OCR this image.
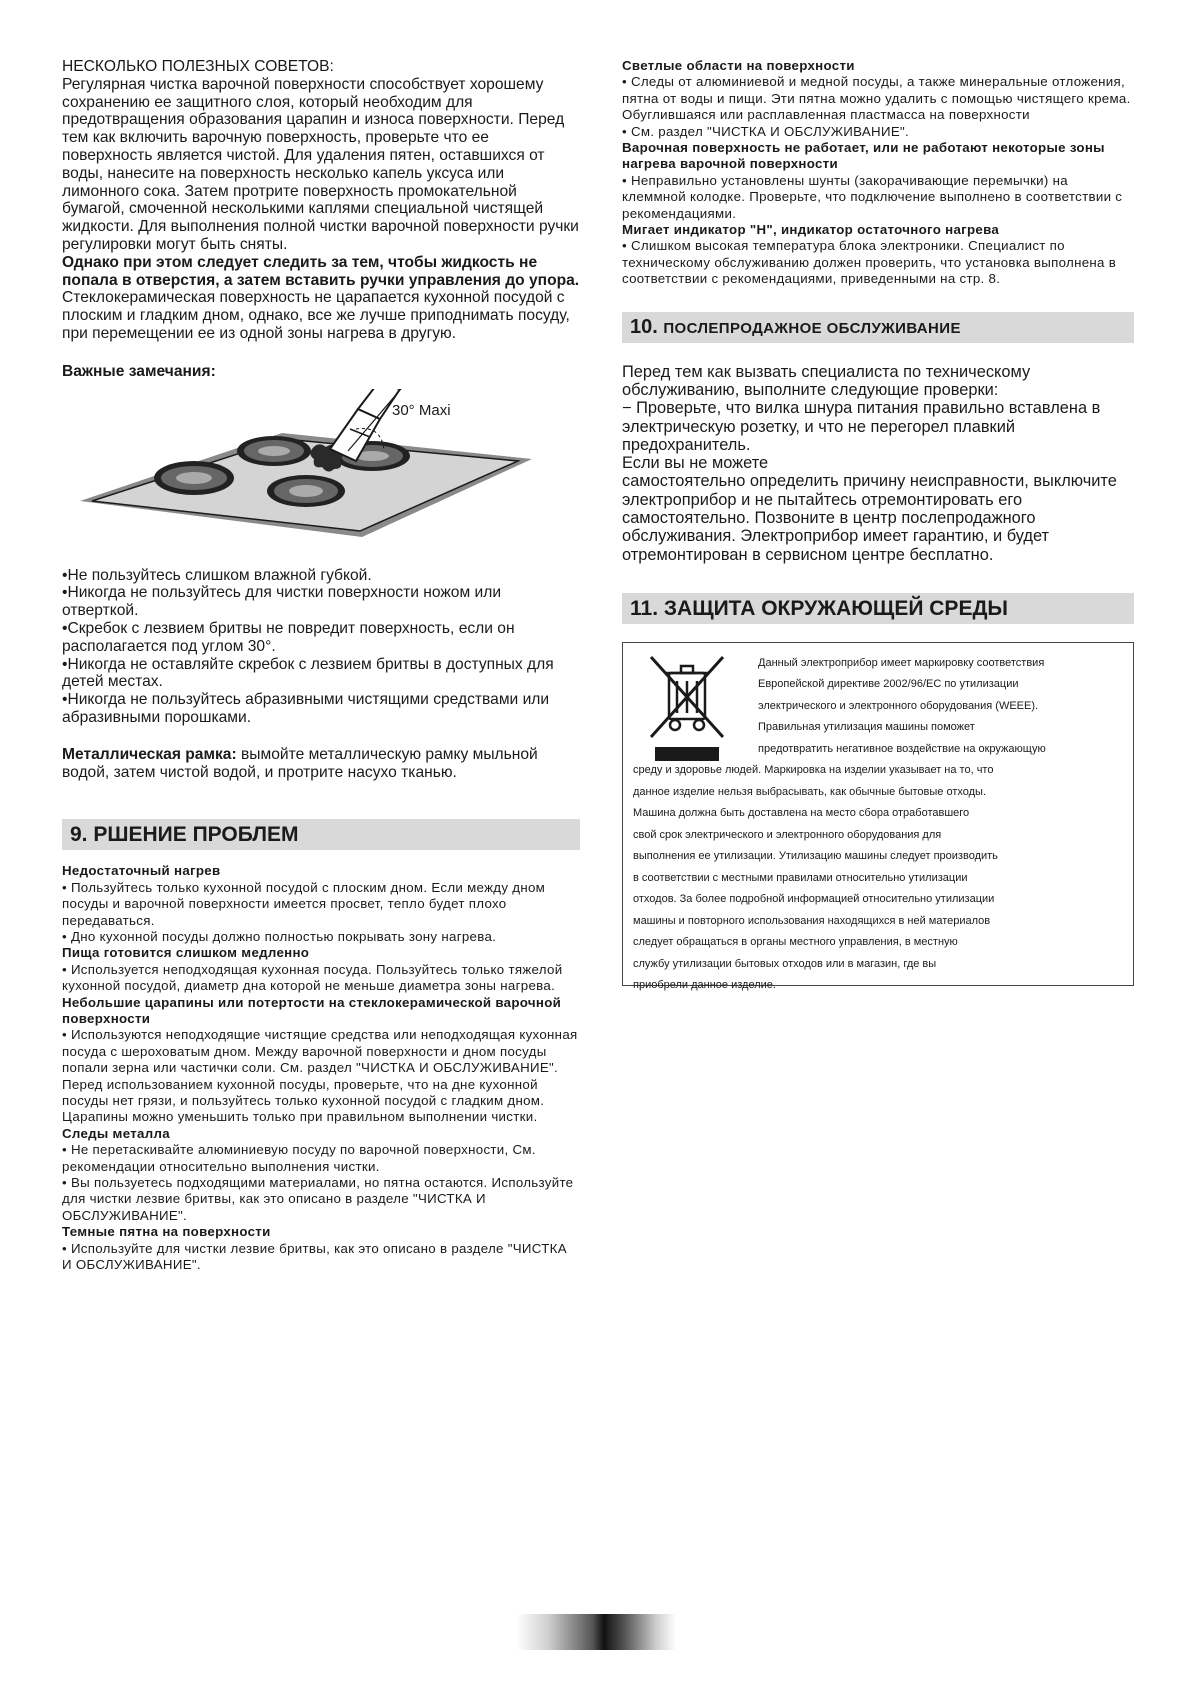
НЕСКОЛЬКО ПОЛЕЗНЫХ СОВЕТОВ:

Регулярная чистка варочной поверхности способствует хорошему сохранению ее защитного слоя, который необходим для предотвращения образования царапин и износа поверхности. Перед тем как включить варочную поверхность, проверьте что ее поверхность является чистой. Для удаления пятен, оставшихся от воды, нанесите на поверхность несколько капель уксуса или лимонного сока. Затем протрите поверхность промокательной бумагой, смоченной несколькими каплями специальной чистящей жидкости. Для выполнения полной чистки варочной поверхности ручки регулировки могут быть сняты.

Однако при этом следует следить за тем, чтобы жидкость не попала в отверстия, а затем вставить ручки управления до упора.

Стеклокерамическая поверхность не царапается кухонной посудой с плоским и гладким дном, однако, все же лучше приподнимать посуду, при перемещении ее из одной зоны нагрева в другую.

Важные замечания:

30° Maxi

•Не пользуйтесь слишком влажной губкой.

•Никогда не пользуйтесь для чистки поверхности ножом или отверткой.

•Скребок с лезвием бритвы не повредит поверхность, если он располагается под углом 30°.

•Никогда не оставляйте скребок с лезвием бритвы в доступных для детей местах.

•Никогда не пользуйтесь абразивными чистящими средствами или абразивными порошками.

Металлическая рамка: вымойте металлическую рамку мыльной водой, затем чистой водой, и протрите насухо тканью.

9. РШЕНИЕ ПРОБЛЕМ

Недостаточный нагрев

• Пользуйтесь только кухонной посудой с плоским дном. Если между дном посуды и варочной поверхности имеется просвет, тепло будет плохо передаваться.

• Дно кухонной посуды должно полностью покрывать зону нагрева.

Пища готовится слишком медленно

• Используется неподходящая кухонная посуда. Пользуйтесь только тяжелой кухонной посудой, диаметр дна которой не меньше диаметра зоны нагрева.

Небольшие царапины или потертости на стеклокерамической варочной поверхности

• Используются неподходящие чистящие средства или неподходящая кухонная посуда с шероховатым дном. Между варочной поверхности и дном посуды попали зерна или частички соли. См. раздел "ЧИСТКА И ОБСЛУЖИВАНИЕ". Перед использованием кухонной посуды, проверьте, что на дне кухонной посуды нет грязи, и пользуйтесь только кухонной посудой с гладким дном. Царапины можно уменьшить только при правильном выполнении чистки.

Следы металла

• Не перетаскивайте алюминиевую посуду по варочной поверхности, См. рекомендации относительно выполнения чистки.

• Вы пользуетесь подходящими материалами, но пятна остаются. Используйте для чистки лезвие бритвы, как это описано в разделе "ЧИСТКА И ОБСЛУЖИВАНИЕ".

Темные пятна на поверхности

• Используйте для чистки лезвие бритвы, как это описано в разделе "ЧИСТКА И ОБСЛУЖИВАНИЕ".

Светлые области на поверхности

• Следы от алюминиевой и медной посуды, а также минеральные отложения, пятна от воды и пищи. Эти пятна можно удалить с помощью чистящего крема. Обуглившаяся или расплавленная пластмасса на поверхности

• См. раздел "ЧИСТКА И ОБСЛУЖИВАНИЕ".

Варочная поверхность не работает, или не работают некоторые зоны нагрева варочной поверхности

• Неправильно установлены шунты (закорачивающие перемычки) на клеммной колодке. Проверьте, что подключение выполнено в соответствии с рекомендациями.

Мигает индикатор "H", индикатор остаточного нагрева

• Слишком высокая температура блока электроники. Специалист по техническому обслуживанию должен проверить, что установка выполнена в соответствии с рекомендациями, приведенными на стр. 8.

10. ПОСЛЕПРОДАЖНОЕ ОБСЛУЖИВАНИЕ

Перед тем как вызвать специалиста по техническому обслуживанию, выполните следующие проверки:

− Проверьте, что вилка шнура питания правильно вставлена в электрическую розетку, и что не перегорел плавкий предохранитель.

Если вы не можете

самостоятельно определить причину неисправности, выключите электроприбор и не пытайтесь отремонтировать его самостоятельно. Позвоните в центр послепродажного обслуживания. Электроприбор имеет гарантию, и будет отремонтирован в сервисном центре бесплатно.

11. ЗАЩИТА ОКРУЖАЮЩЕЙ СРЕДЫ

Данный электроприбор имеет маркировку соответствия

Европейской директиве 2002/96/EC по утилизации

электрического и электронного оборудования (WEEE).

Правильная утилизация машины поможет

предотвратить негативное воздействие на окружающую

среду и здоровье людей. Маркировка на изделии указывает на то, что

данное изделие нельзя выбрасывать, как обычные бытовые отходы.

Машина должна быть доставлена на место сбора отработавшего

свой срок электрического и электронного оборудования для

выполнения ее утилизации. Утилизацию машины следует производить

в соответствии с местными правилами относительно утилизации

отходов. За более подробной информацией относительно утилизации

машины и повторного использования находящихся в ней материалов

следует обращаться в органы местного управления, в местную

службу утилизации бытовых отходов или в магазин, где вы

приобрели данное изделие.
